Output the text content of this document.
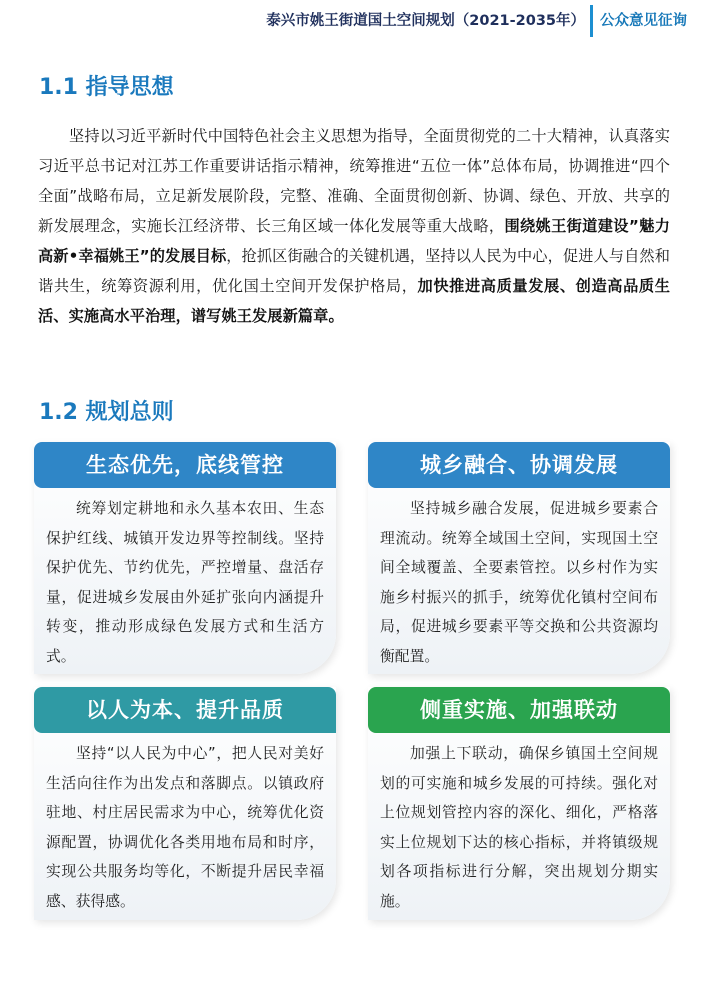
泰兴市姚王街道国土空间规划（2021-2035年） 公众意见征询
1.1 指导思想

坚持以习近平新时代中国特色社会主义思想为指导，全面贯彻党的二十大精神，认真落实习近平总书记对江苏工作重要讲话指示精神，统筹推进“五位一体”总体布局，协调推进“四个全面”战略布局，立足新发展阶段，完整、准确、全面贯彻创新、协调、绿色、开放、共享的新发展理念，实施长江经济带、长三角区域一体化发展等重大战略，围绕姚王街道建设”魅力高新•幸福姚王”的发展目标，抢抓区街融合的关键机遇，坚持以人民为中心，促进人与自然和谐共生，统筹资源利用，优化国土空间开发保护格局，加快推进高质量发展、创造高品质生活、实施高水平治理，谱写姚王发展新篇章。

1.2 规划总则
生态优先，底线管控
统筹划定耕地和永久基本农田、生态保护红线、城镇开发边界等控制线。坚持保护优先、节约优先，严控增量、盘活存量，促进城乡发展由外延扩张向内涵提升转变，推动形成绿色发展方式和生活方式。
城乡融合、协调发展
坚持城乡融合发展，促进城乡要素合理流动。统筹全域国土空间，实现国土空间全域覆盖、全要素管控。以乡村作为实施乡村振兴的抓手，统筹优化镇村空间布局，促进城乡要素平等交换和公共资源均衡配置。
以人为本、提升品质
坚持“以人民为中心”，把人民对美好生活向往作为出发点和落脚点。以镇政府驻地、村庄居民需求为中心，统筹优化资源配置，协调优化各类用地布局和时序，实现公共服务均等化，不断提升居民幸福感、获得感。
侧重实施、加强联动
加强上下联动，确保乡镇国土空间规划的可实施和城乡发展的可持续。强化对上位规划管控内容的深化、细化，严格落实上位规划下达的核心指标，并将镇级规划各项指标进行分解，突出规划分期实施。
